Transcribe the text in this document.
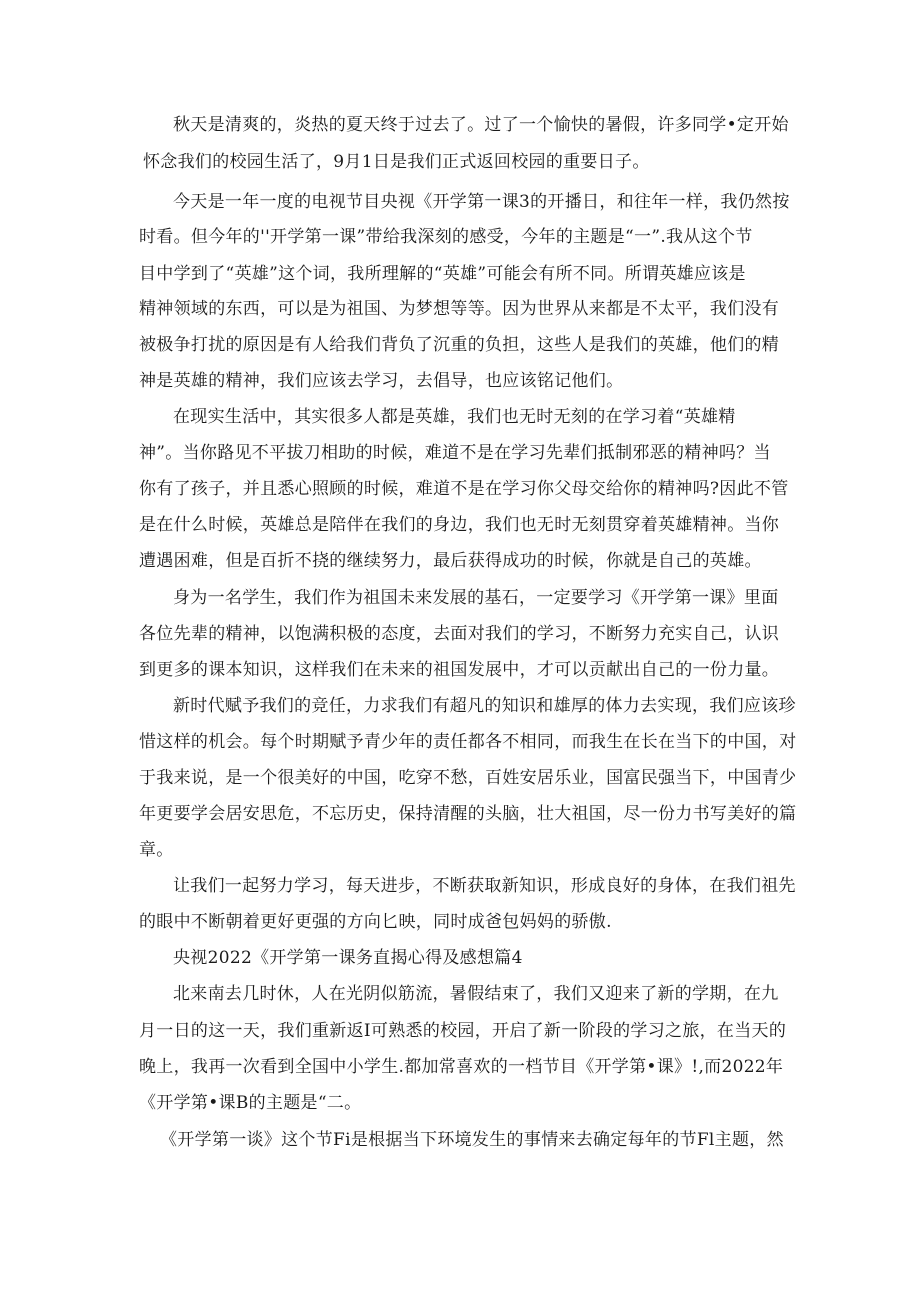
秋天是清爽的，炎热的夏天终于过去了。过了一个愉快的暑假，许多同学•定开始
怀念我们的校园生活了，9月1日是我们正式返回校园的重要日子。
今天是一年一度的电视节目央视《开学第一课3的开播日，和往年一样，我仍然按
时看。但今年的''开学第一课”带给我深刻的感受，今年的主题是“一”.我从这个节
目中学到了“英雄”这个词，我所理解的“英雄”可能会有所不同。所谓英雄应该是
精神领域的东西，可以是为祖国、为梦想等等。因为世界从来都是不太平，我们没有
被极争打扰的原因是有人给我们背负了沉重的负担，这些人是我们的英雄，他们的精
神是英雄的精神，我们应该去学习，去倡导，也应该铭记他们。
在现实生活中，其实很多人都是英雄，我们也无时无刻的在学习着“英雄精
神”。当你路见不平拔刀相助的时候，难道不是在学习先辈们抵制邪恶的精神吗？当
你有了孩子，并且悉心照顾的时候，难道不是在学习你父母交给你的精神吗?因此不管
是在什么时候，英雄总是陪伴在我们的身边，我们也无时无刻贯穿着英雄精神。当你
遭遇困难，但是百折不挠的继续努力，最后获得成功的时候，你就是自己的英雄。
身为一名学生，我们作为祖国未来发展的基石，一定要学习《开学第一课》里面
各位先辈的精神，以饱满积极的态度，去面对我们的学习，不断努力充实自己，认识
到更多的课本知识，这样我们在未来的祖国发展中，才可以贡献出自己的一份力量。
新时代赋予我们的竞任，力求我们有超凡的知识和雄厚的体力去实现，我们应该珍
惜这样的机会。每个时期赋予青少年的责任都各不相同，而我生在长在当下的中国，对
于我来说，是一个很美好的中国，吃穿不愁，百姓安居乐业，国富民强当下，中国青少
年更要学会居安思危，不忘历史，保持清醒的头脑，壮大祖国，尽一份力书写美好的篇
章。
让我们一起努力学习，每天进步，不断获取新知识，形成良好的身体，在我们祖先
的眼中不断朝着更好更强的方向匕映，同时成爸包妈妈的骄傲.
央视2022《开学第一课务直揭心得及感想篇4
北来南去几时休，人在光阴似筋流，暑假结束了，我们又迎来了新的学期，在九
月一日的这一天，我们重新返I可熟悉的校园，开启了新一阶段的学习之旅，在当天的
晚上，我再一次看到全国中小学生.都加常喜欢的一档节目《开学第•课》!,而2022年
《开学第•课B的主题是“二。
《开学第一谈》这个节Fi是根据当下环境发生的事情来去确定每年的节Fl主题，然
